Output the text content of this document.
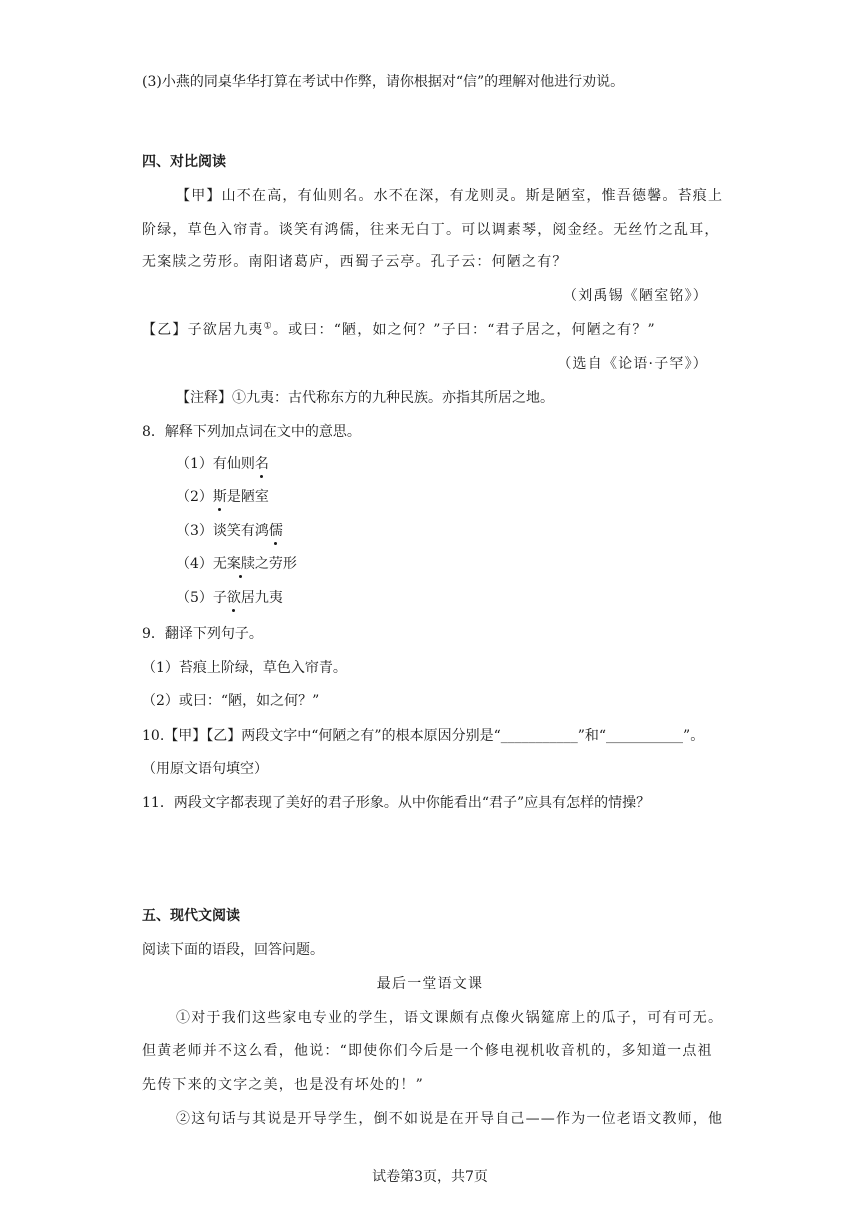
(3)小燕的同桌华华打算在考试中作弊，请你根据对“信”的理解对他进行劝说。
四、对比阅读
【甲】山不在高，有仙则名。水不在深，有龙则灵。斯是陋室，惟吾德馨。苔痕上
阶绿，草色入帘青。谈笑有鸿儒，往来无白丁。可以调素琴，阅金经。无丝竹之乱耳，
无案牍之劳形。南阳诸葛庐，西蜀子云亭。孔子云：何陋之有？
（刘禹锡《陋室铭》）
【乙】子欲居九夷①。或曰：“陋，如之何？”子曰：“君子居之，何陋之有？”
（选自《论语·子罕》）
【注释】①九夷：古代称东方的九种民族。亦指其所居之地。
8．解释下列加点词在文中的意思。
（1）有仙则名
（2）斯是陋室
（3）谈笑有鸿儒
（4）无案牍之劳形
（5）子欲居九夷
9．翻译下列句子。
（1）苔痕上阶绿，草色入帘青。
（2）或曰：“陋，如之何？”
10.【甲】【乙】两段文字中“何陋之有”的根本原因分别是“___________”和“___________”。
（用原文语句填空）
11．两段文字都表现了美好的君子形象。从中你能看出“君子”应具有怎样的情操？
五、现代文阅读
阅读下面的语段，回答问题。
最后一堂语文课
①对于我们这些家电专业的学生，语文课颇有点像火锅筵席上的瓜子，可有可无。
但黄老师并不这么看，他说：“即使你们今后是一个修电视机收音机的，多知道一点祖
先传下来的文字之美，也是没有坏处的！”
②这句话与其说是开导学生，倒不如说是在开导自己——作为一位老语文教师，他
试卷第3页，共7页
